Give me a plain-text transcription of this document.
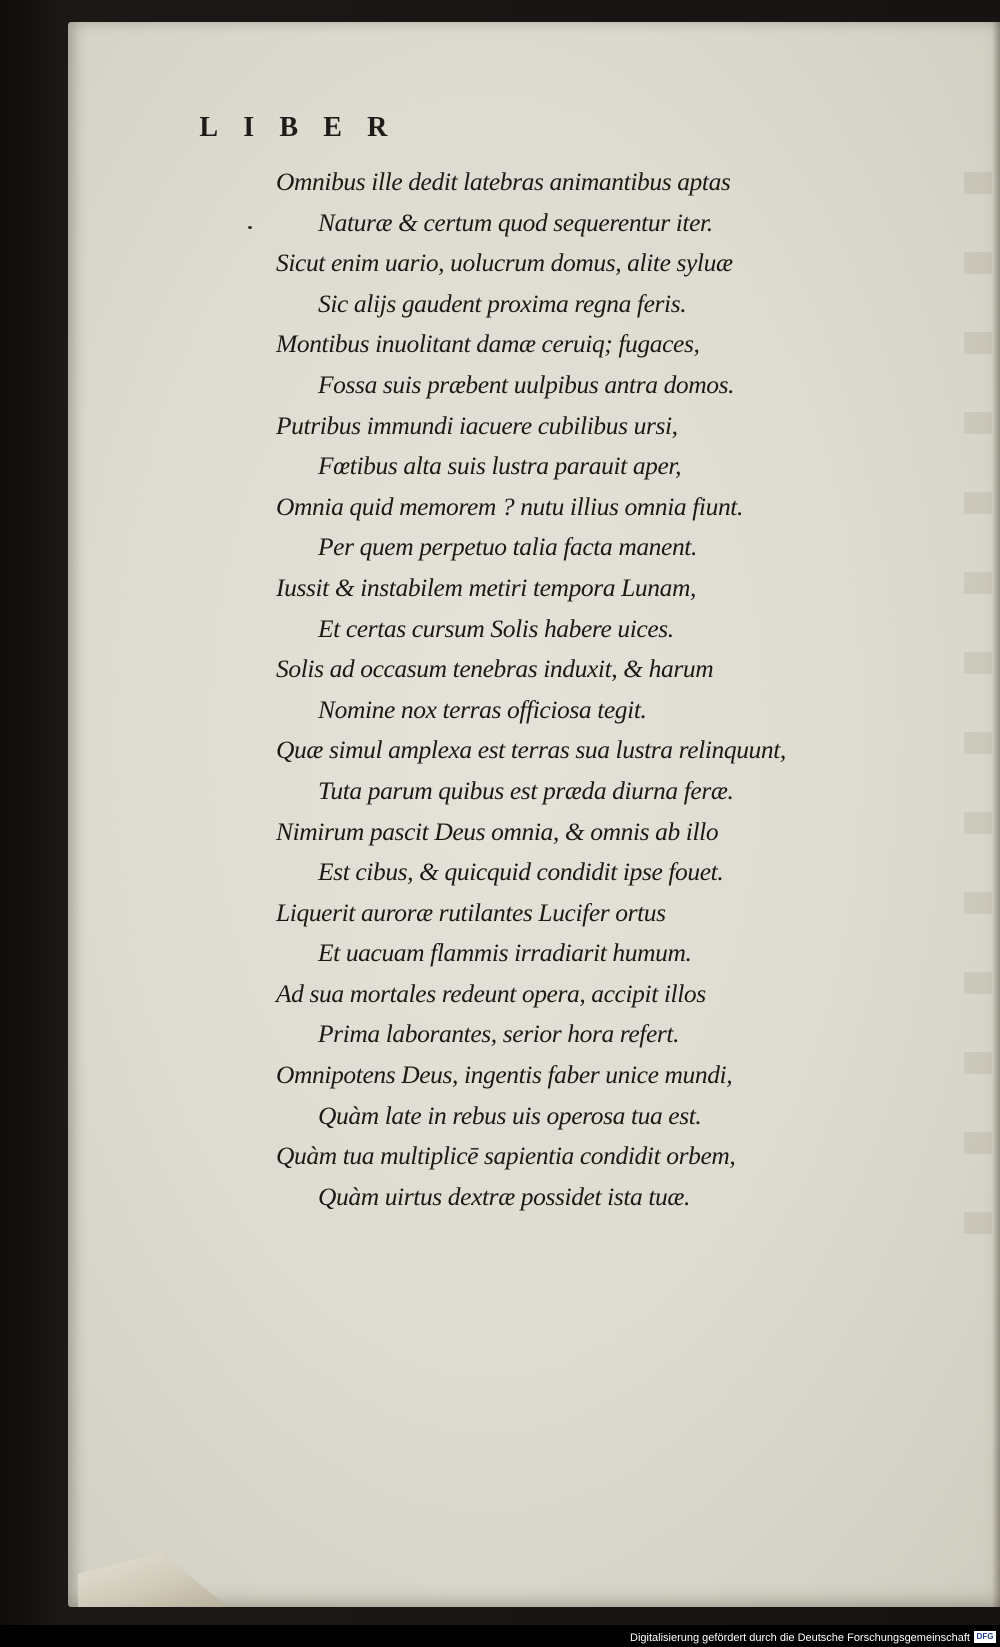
LIBER
Omnibus ille dedit latebras animantibus aptas
Naturæ & certum quod sequerentur iter.
Sicut enim uario, uolucrum domus, alite syluæ
Sic alijs gaudent proxima regna feris.
Montibus inuolitant damæ ceruiq; fugaces,
Fossa suis præbent uulpibus antra domos.
Putribus immundi iacuere cubilibus ursi,
Fœtibus alta suis lustra parauit aper,
Omnia quid memorem ? nutu illius omnia fiunt.
Per quem perpetuo talia facta manent.
Iussit & instabilem metiri tempora Lunam,
Et certas cursum Solis habere uices.
Solis ad occasum tenebras induxit, & harum
Nomine nox terras officiosa tegit.
Quæ simul amplexa est terras sua lustra relinquunt,
Tuta parum quibus est præda diurna feræ.
Nimirum pascit Deus omnia, & omnis ab illo
Est cibus, & quicquid condidit ipse fouet.
Liquerit auroræ rutilantes Lucifer ortus
Et uacuam flammis irradiarit humum.
Ad sua mortales redeunt opera, accipit illos
Prima laborantes, serior hora refert.
Omnipotens Deus, ingentis faber unice mundi,
Quàm late in rebus uis operosa tua est.
Quàm tua multiplicē sapientia condidit orbem,
Quàm uirtus dextræ possidet ista tuæ.
Digitalisierung gefördert durch die Deutsche Forschungsgemeinschaft DFG
